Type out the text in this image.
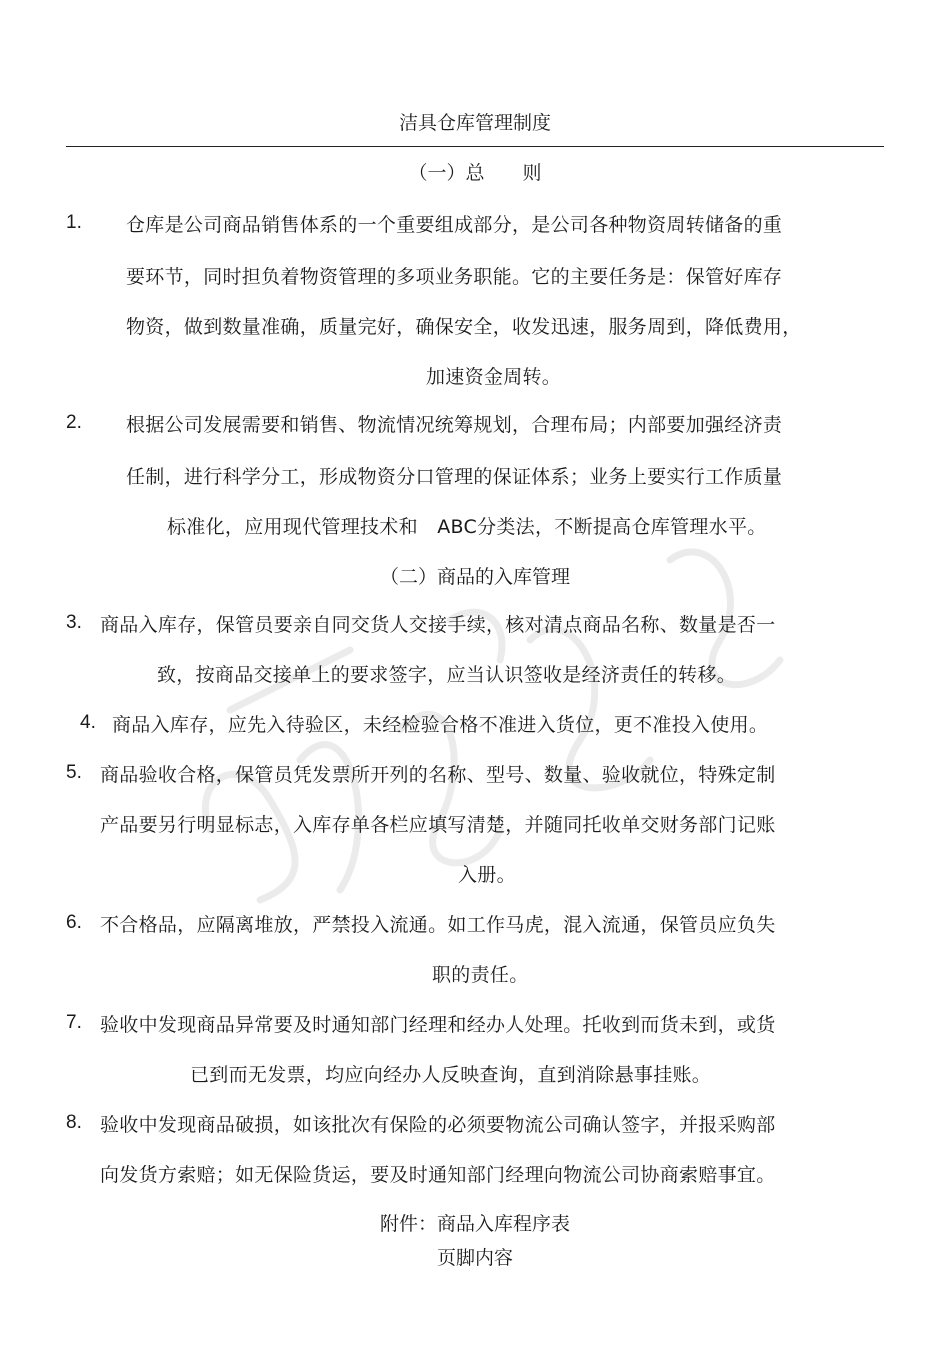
洁具仓库管理制度
（一）总　　则
1. 仓库是公司商品销售体系的一个重要组成部分，是公司各种物资周转储备的重
要环节，同时担负着物资管理的多项业务职能。它的主要任务是：保管好库存
物资，做到数量准确，质量完好，确保安全，收发迅速，服务周到，降低费用，
加速资金周转。
2. 根据公司发展需要和销售、物流情况统筹规划，合理布局；内部要加强经济责
任制，进行科学分工，形成物资分口管理的保证体系；业务上要实行工作质量
标准化，应用现代管理技术和　ABC分类法，不断提高仓库管理水平。
（二）商品的入库管理
3. 商品入库存，保管员要亲自同交货人交接手续，核对清点商品名称、数量是否一
致，按商品交接单上的要求签字，应当认识签收是经济责任的转移。
4. 商品入库存，应先入待验区，未经检验合格不准进入货位，更不准投入使用。
5. 商品验收合格，保管员凭发票所开列的名称、型号、数量、验收就位，特殊定制
产品要另行明显标志，入库存单各栏应填写清楚，并随同托收单交财务部门记账
入册。
6. 不合格品，应隔离堆放，严禁投入流通。如工作马虎，混入流通，保管员应负失
职的责任。
7. 验收中发现商品异常要及时通知部门经理和经办人处理。托收到而货未到，或货
已到而无发票，均应向经办人反映查询，直到消除悬事挂账。
8. 验收中发现商品破损，如该批次有保险的必须要物流公司确认签字，并报采购部
向发货方索赔；如无保险货运，要及时通知部门经理向物流公司协商索赔事宜。
附件：商品入库程序表
页脚内容
